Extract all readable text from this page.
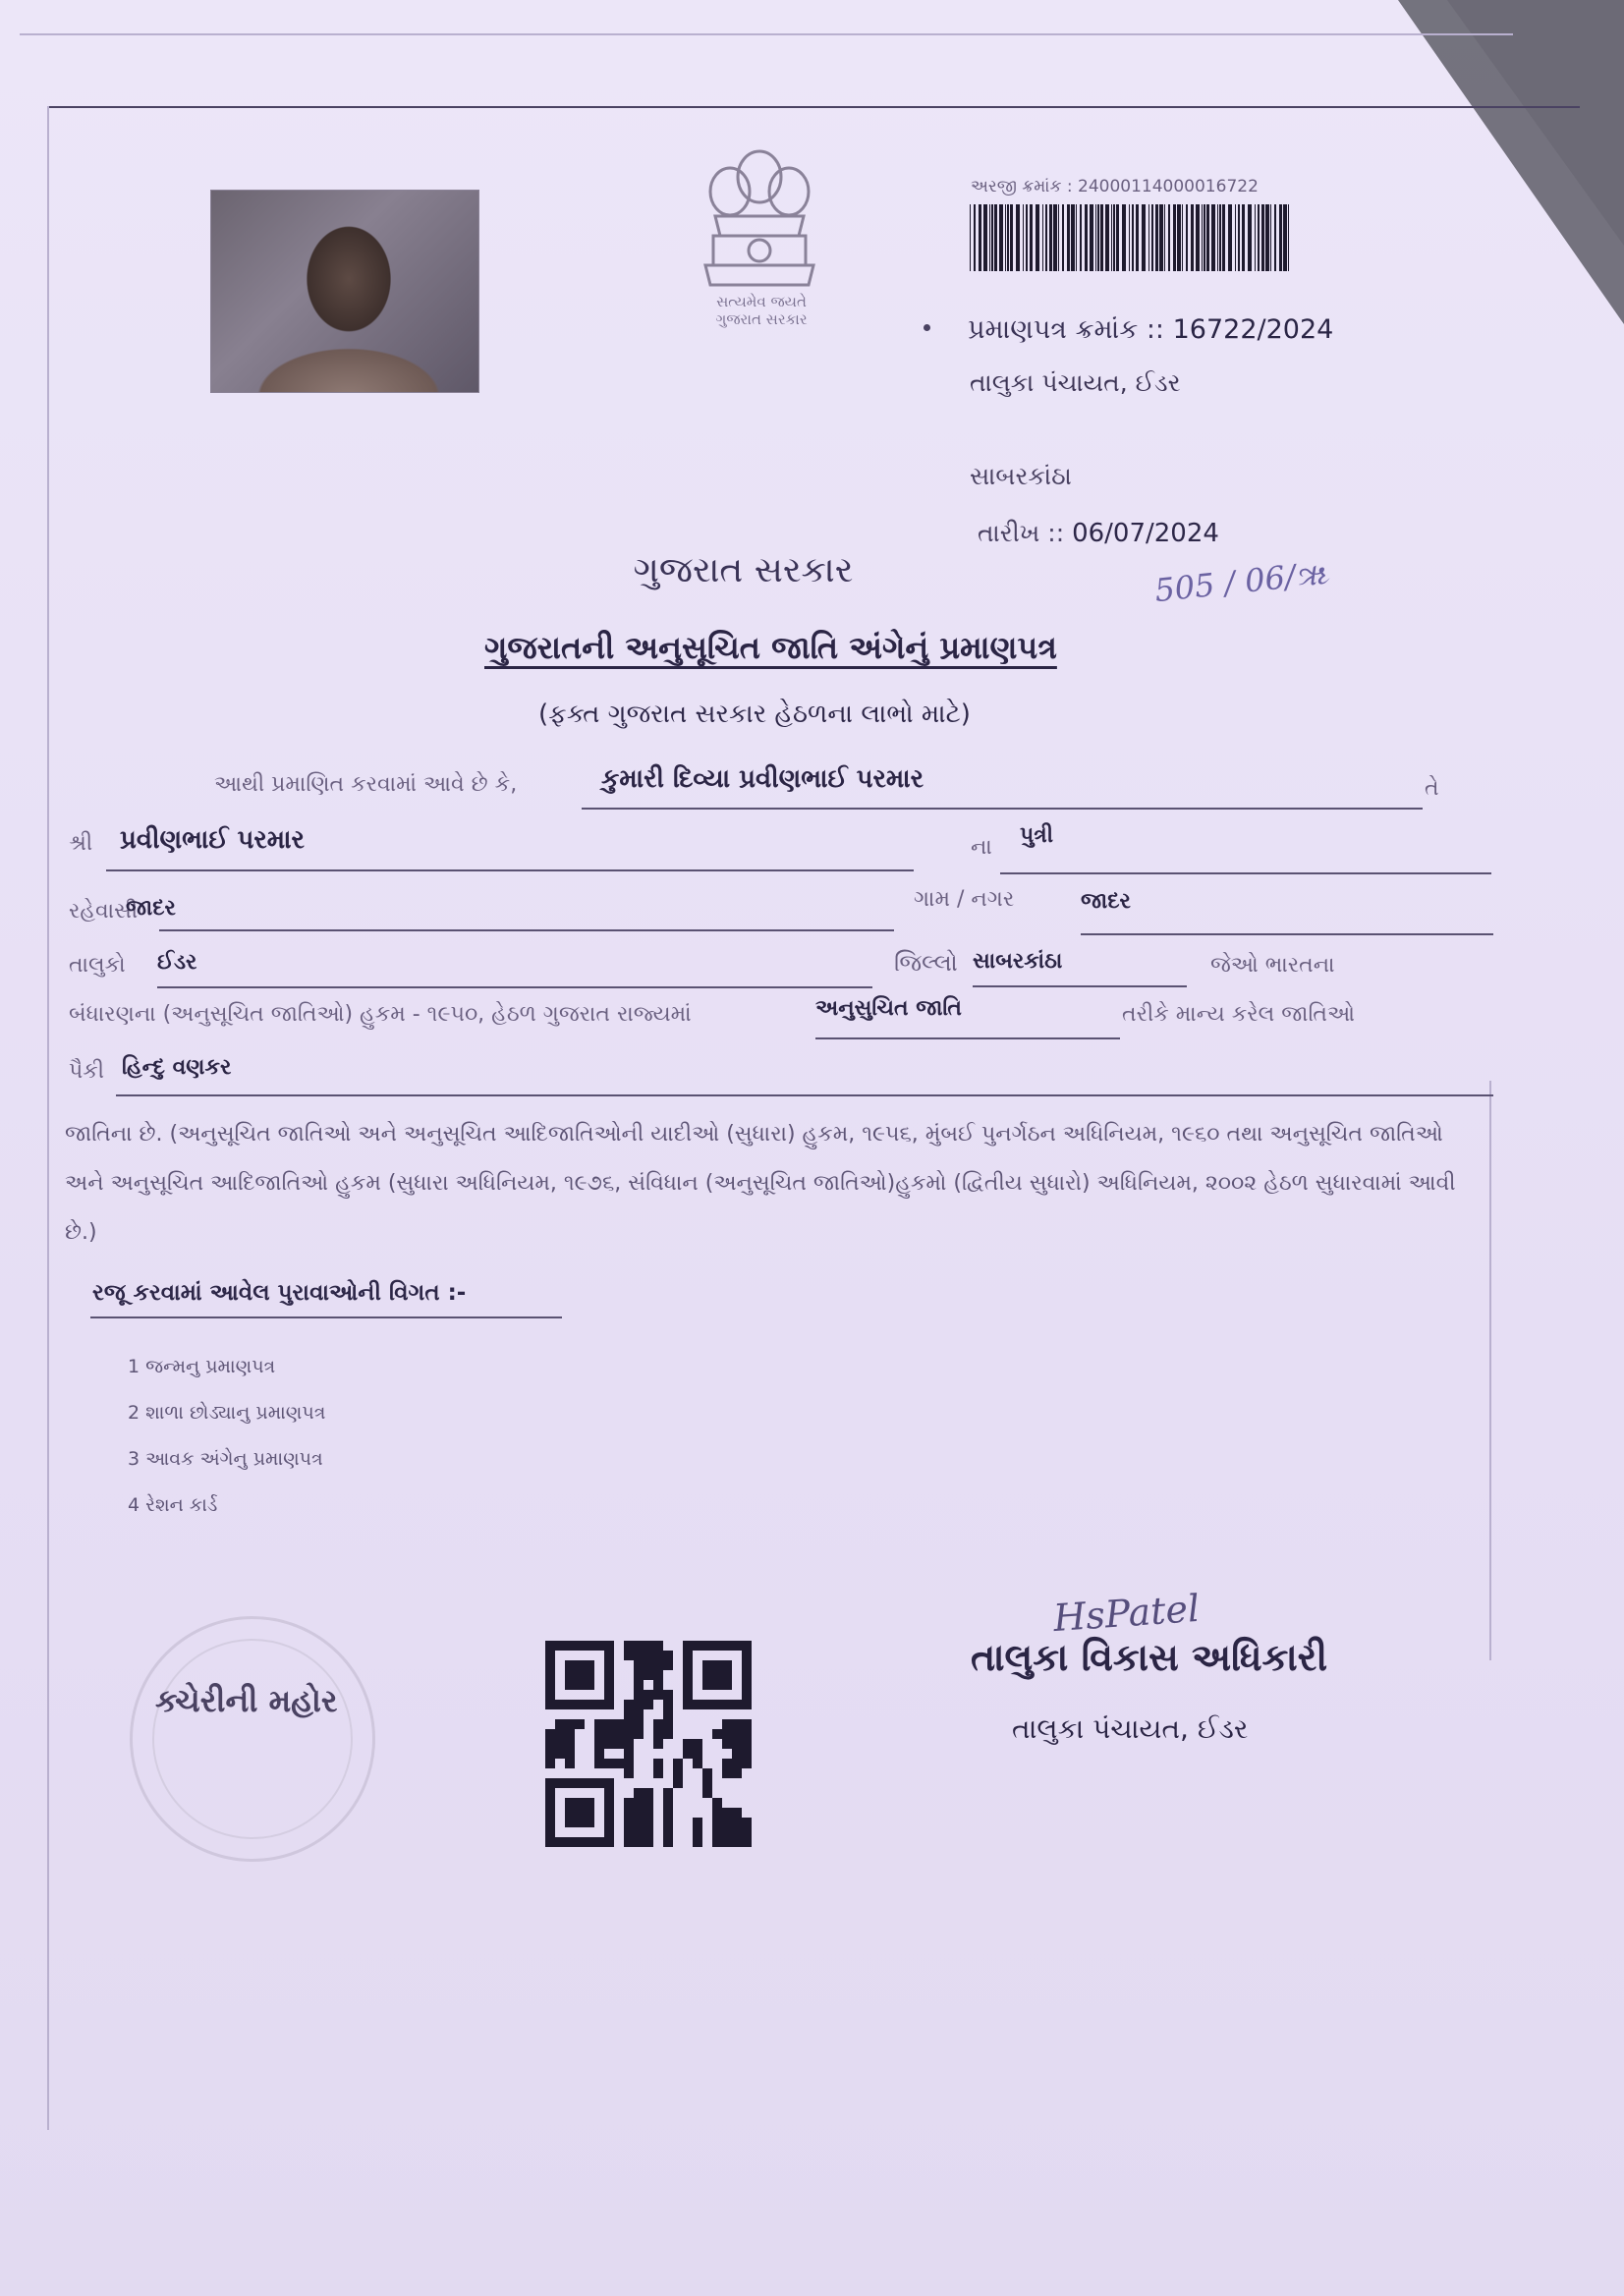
સત્યમેવ જયતે
ગુજરાત સરકાર
અરજી ક્રમાંક : 24000114000016722
પ્રમાણપત્ર ક્રમાંક :: 16722/2024
તાલુકા પંચાયત, ઈડર
સાબરકાંઠા
તારીખ :: 06/07/2024
505 / 06/ૠ
ગુજરાત સરકાર
ગુજરાતની અનુસૂચિત જાતિ અંગેનું પ્રમાણપત્ર
(ફક્ત ગુજરાત સરકાર હેઠળના લાભો માટે)
આથી પ્રમાણિત કરવામાં આવે છે કે,	કુમારી દિવ્યા પ્રવીણભાઈ પરમાર	તે
શ્રી પ્રવીણભાઈ પરમાર	ના પુત્રી
રહેવાસી
જાદર	ગામ / નગર	જાદર
તાલુકો ઈડર	જિલ્લો સાબરકાંઠા	જેઓ ભારતના
બંધારણના (અનુસૂચિત જાતિઓ) હુકમ - ૧૯૫૦, હેઠળ ગુજરાત રાજ્યમાં	અનુસુચિત જાતિ	તરીકે માન્ય કરેલ જાતિઓ
પૈકી હિન્દુ વણકર
જાતિના છે. (અનુસૂચિત જાતિઓ અને અનુસૂચિત આદિજાતિઓની યાદીઓ (સુધારા) હુકમ, ૧૯૫૬, મુંબઈ પુનર્ગઠન અધિનિયમ, ૧૯૬૦ તથા અનુસૂચિત જાતિઓ અને અનુસૂચિત આદિજાતિઓ હુકમ (સુધારા અધિનિયમ, ૧૯૭૬, સંવિધાન (અનુસૂચિત જાતિઓ)હુકમો (દ્વિતીય સુધારો) અધિનિયમ, ૨૦૦૨ હેઠળ સુધારવામાં આવી છે.)
રજૂ કરવામાં આવેલ પુરાવાઓની વિગત :-
1 જન્મનુ પ્રમાણપત્ર
2 શાળા છોડ્યાનુ પ્રમાણપત્ર
3 આવક અંગેનુ પ્રમાણપત્ર
4 રેશન કાર્ડ
ક્ચેરીની મહોર
HsPatel
તાલુકા વિકાસ અધિકારી
તાલુકા પંચાયત, ઈડર
